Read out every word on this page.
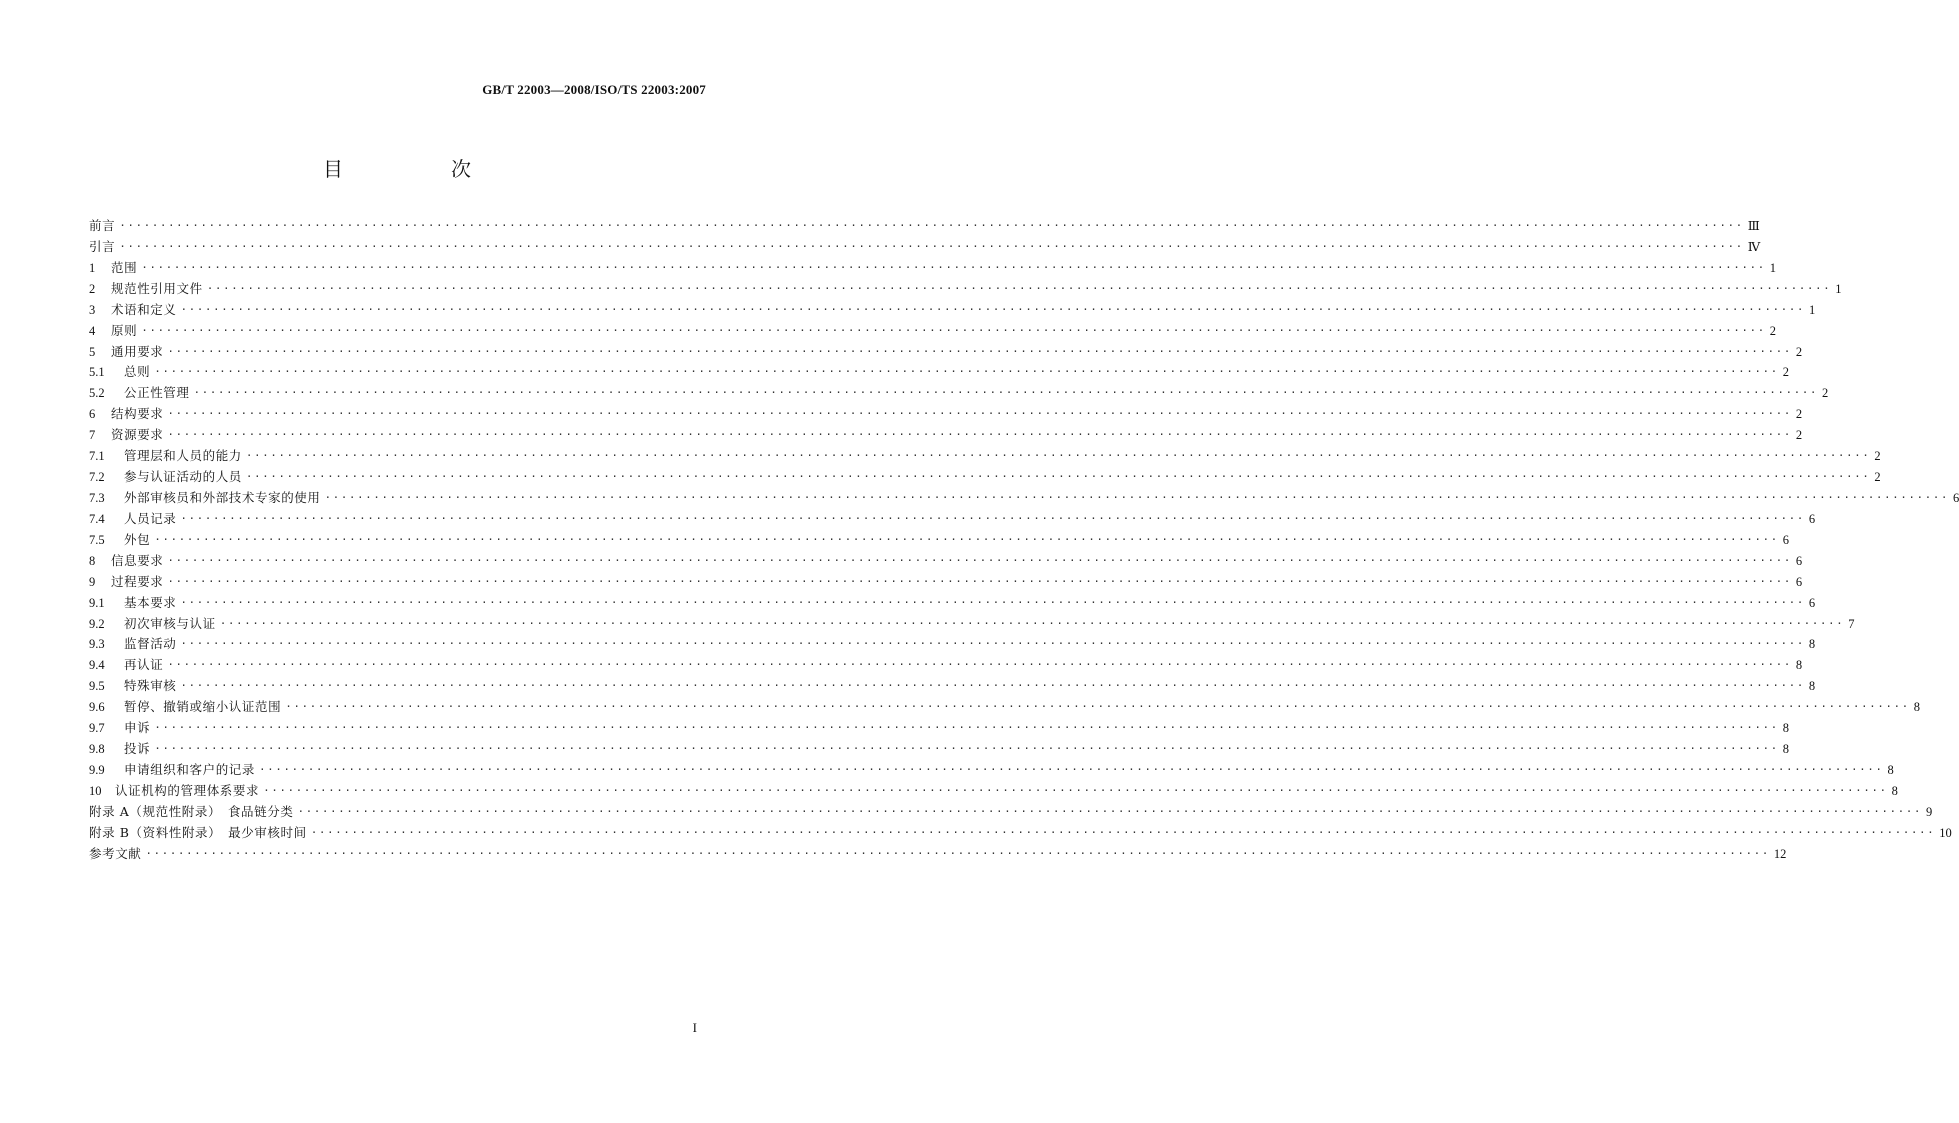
GB/T 22003—2008/ISO/TS 22003:2007
目　次
前言 ········································································································································································································ Ⅲ
引言 ········································································································································································································ Ⅳ
1	范围 ········································································································································································································ 1
2	规范性引用文件 ········································································································································································································ 1
3	术语和定义 ········································································································································································································ 1
4	原则 ········································································································································································································ 2
5	通用要求 ········································································································································································································ 2
5.1	总则 ········································································································································································································ 2
5.2	公正性管理 ········································································································································································································ 2
6	结构要求 ········································································································································································································ 2
7	资源要求 ········································································································································································································ 2
7.1	管理层和人员的能力 ········································································································································································································ 2
7.2	参与认证活动的人员 ········································································································································································································ 2
7.3	外部审核员和外部技术专家的使用 ········································································································································································································ 6
7.4	人员记录 ········································································································································································································ 6
7.5	外包 ········································································································································································································ 6
8	信息要求 ········································································································································································································ 6
9	过程要求 ········································································································································································································ 6
9.1	基本要求 ········································································································································································································ 6
9.2	初次审核与认证 ········································································································································································································ 7
9.3	监督活动 ········································································································································································································ 8
9.4	再认证 ········································································································································································································ 8
9.5	特殊审核 ········································································································································································································ 8
9.6	暂停、撤销或缩小认证范围 ········································································································································································································ 8
9.7	申诉 ········································································································································································································ 8
9.8	投诉 ········································································································································································································ 8
9.9	申请组织和客户的记录 ········································································································································································································ 8
10	认证机构的管理体系要求 ········································································································································································································ 8
附录 A（规范性附录）　食品链分类 ········································································································································································································ 9
附录 B（资料性附录）　最少审核时间 ········································································································································································································ 10
参考文献 ········································································································································································································ 12
I
